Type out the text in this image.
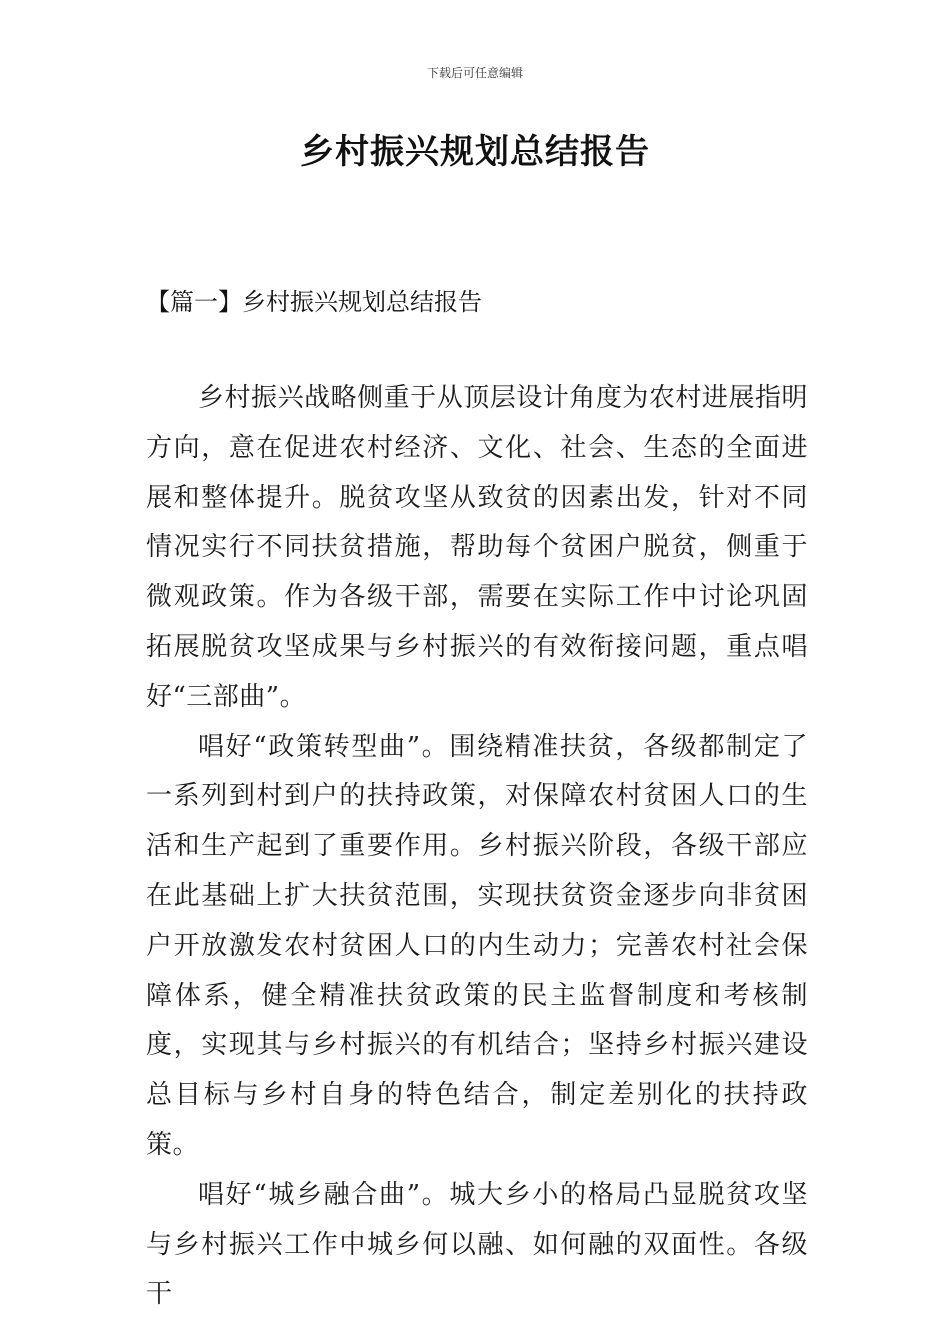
下载后可任意编辑
乡村振兴规划总结报告
【篇一】乡村振兴规划总结报告

乡村振兴战略侧重于从顶层设计角度为农村进展指明方向，意在促进农村经济、文化、社会、生态的全面进展和整体提升。脱贫攻坚从致贫的因素出发，针对不同情况实行不同扶贫措施，帮助每个贫困户脱贫，侧重于微观政策。作为各级干部，需要在实际工作中讨论巩固拓展脱贫攻坚成果与乡村振兴的有效衔接问题，重点唱好“三部曲”。

唱好“政策转型曲”。围绕精准扶贫，各级都制定了一系列到村到户的扶持政策，对保障农村贫困人口的生活和生产起到了重要作用。乡村振兴阶段，各级干部应在此基础上扩大扶贫范围，实现扶贫资金逐步向非贫困户开放激发农村贫困人口的内生动力；完善农村社会保障体系，健全精准扶贫政策的民主监督制度和考核制度，实现其与乡村振兴的有机结合；坚持乡村振兴建设总目标与乡村自身的特色结合，制定差别化的扶持政策。

唱好“城乡融合曲”。城大乡小的格局凸显脱贫攻坚与乡村振兴工作中城乡何以融、如何融的双面性。各级干
